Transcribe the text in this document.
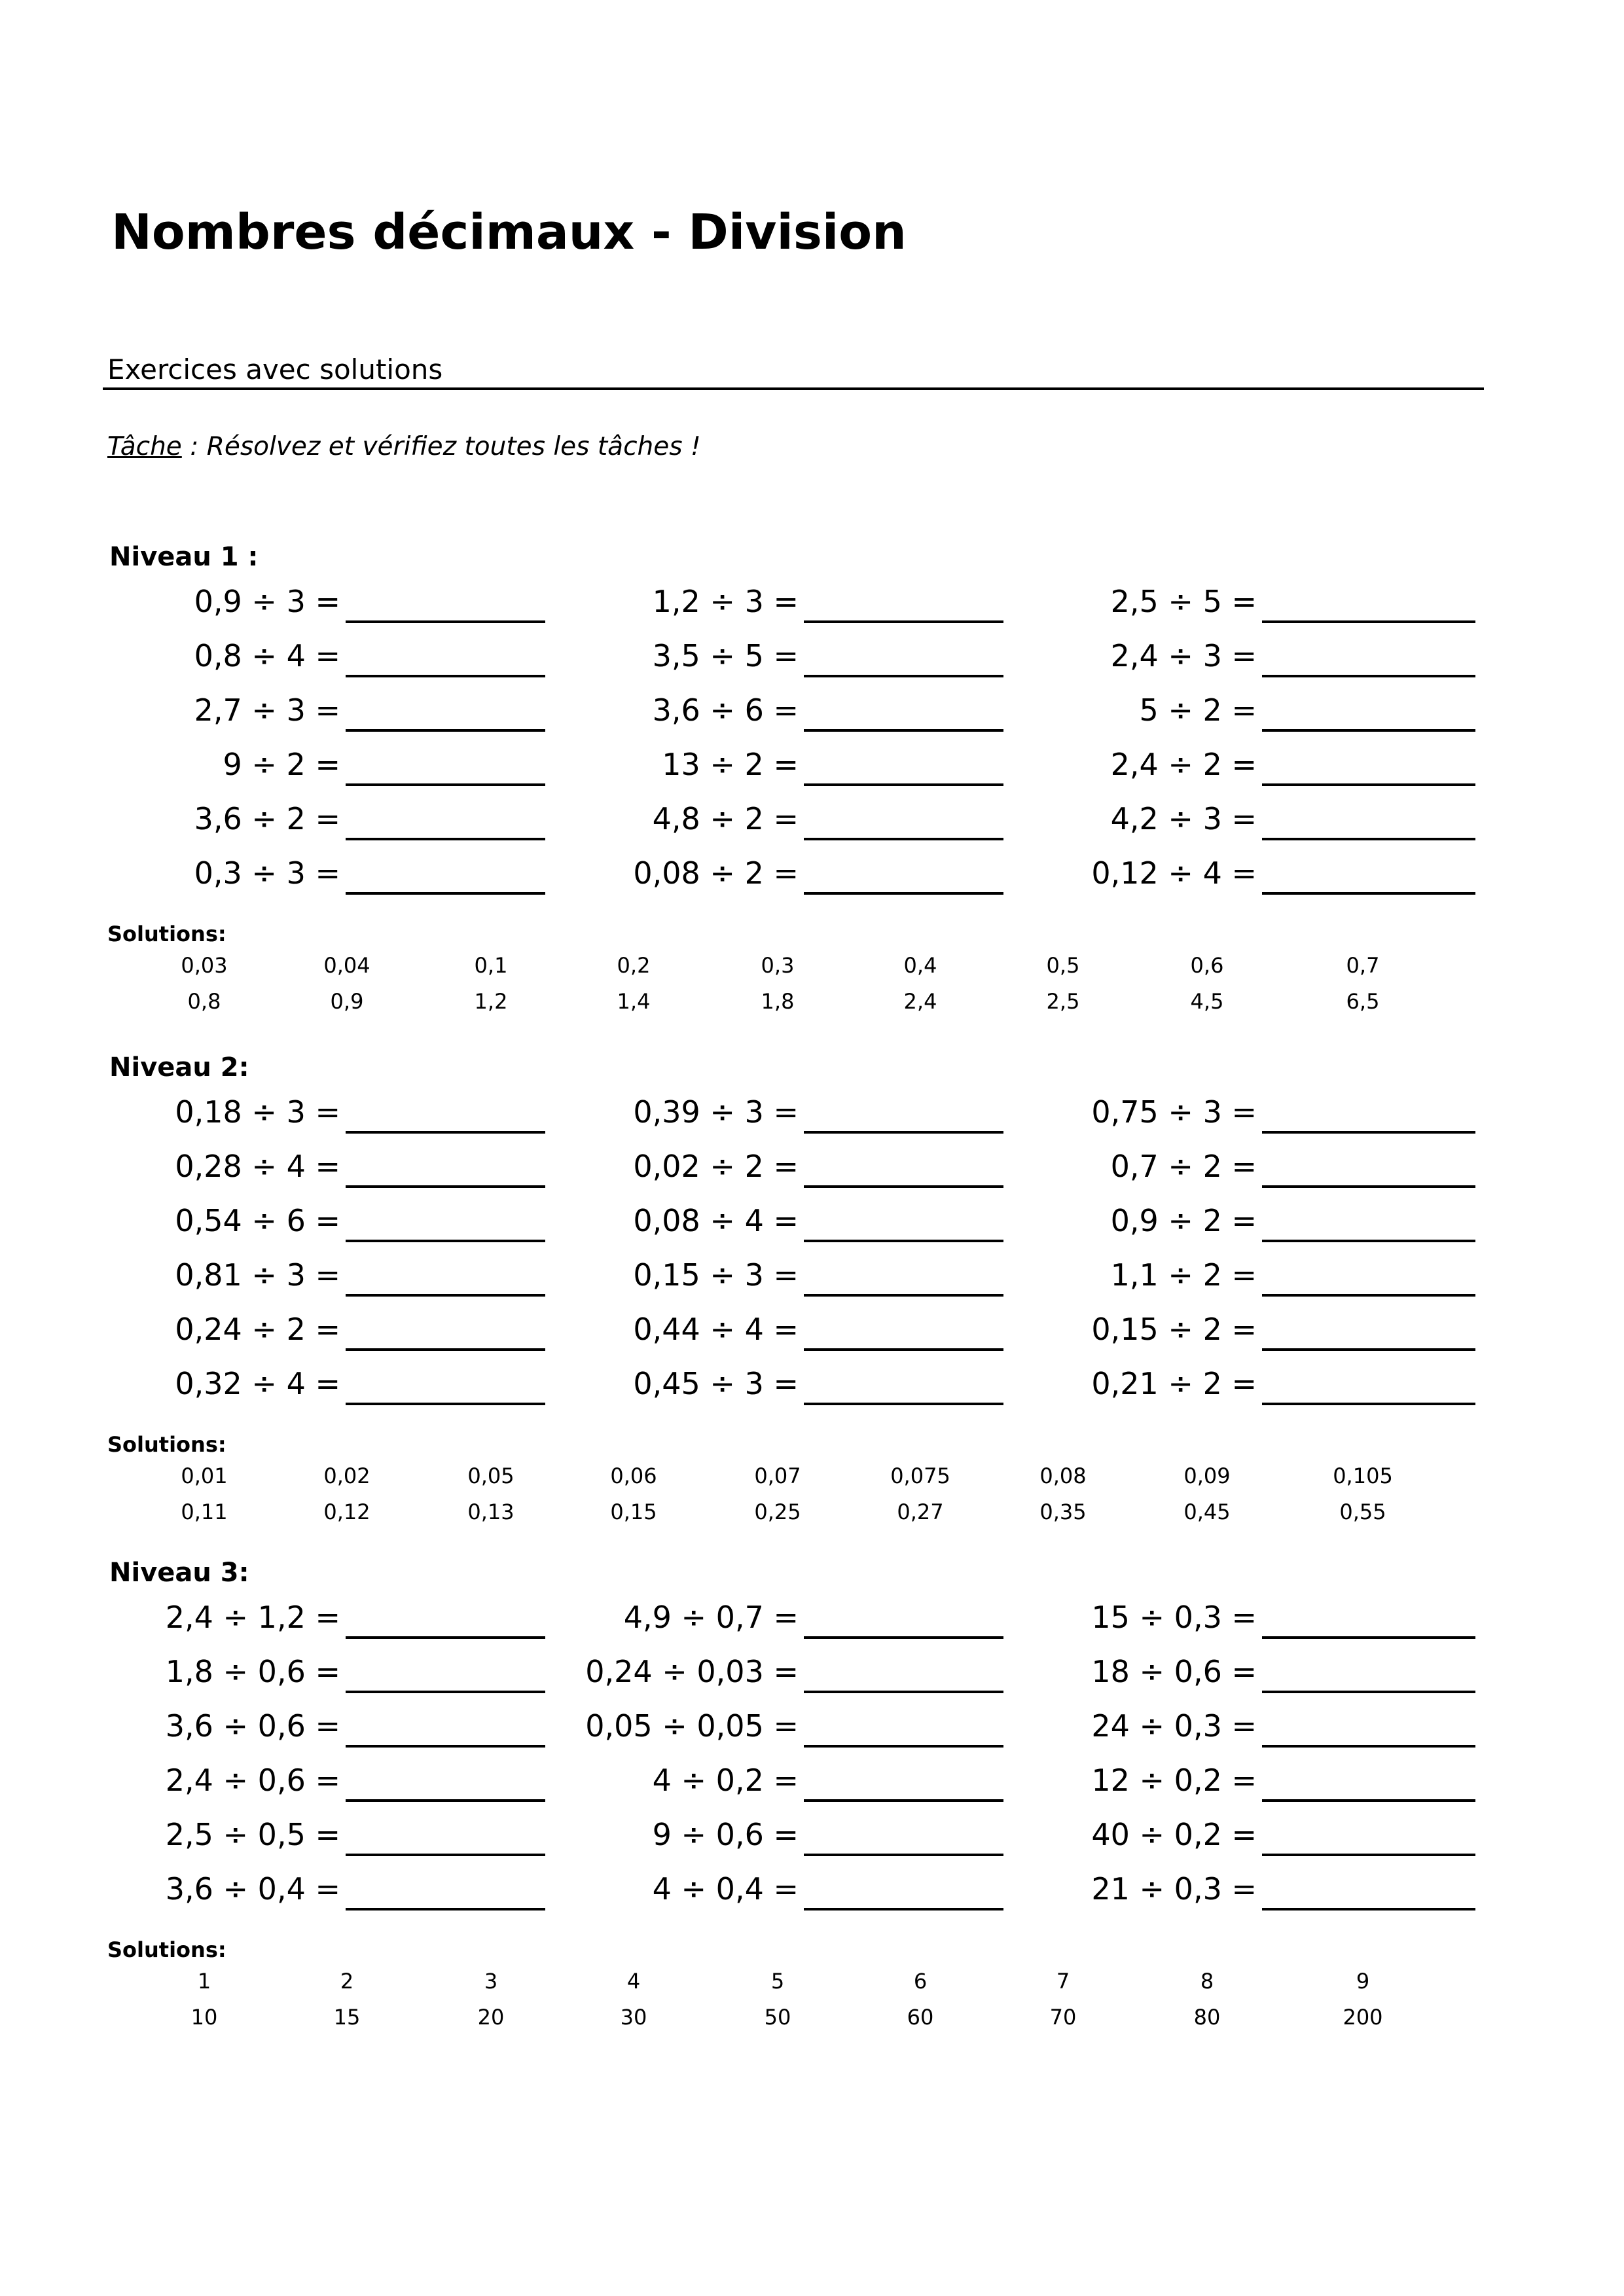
Nombres décimaux - Division
Exercices avec solutions
Tâche : Résolvez et vérifiez toutes les tâches !
Niveau 1 :
0,9 ÷ 3 =	1,2 ÷ 3 =	2,5 ÷ 5 =
0,8 ÷ 4 =	3,5 ÷ 5 =	2,4 ÷ 3 =
2,7 ÷ 3 =	3,6 ÷ 6 =	5 ÷ 2 =
9 ÷ 2 =	13 ÷ 2 =	2,4 ÷ 2 =
3,6 ÷ 2 =	4,8 ÷ 2 =	4,2 ÷ 3 =
0,3 ÷ 3 =	0,08 ÷ 2 =	0,12 ÷ 4 =
Solutions:
0,03	0,04	0,1	0,2	0,3	0,4	0,5	0,6	0,7
0,8	0,9	1,2	1,4	1,8	2,4	2,5	4,5	6,5
Niveau 2:
0,18 ÷ 3 =	0,39 ÷ 3 =	0,75 ÷ 3 =
0,28 ÷ 4 =	0,02 ÷ 2 =	0,7 ÷ 2 =
0,54 ÷ 6 =	0,08 ÷ 4 =	0,9 ÷ 2 =
0,81 ÷ 3 =	0,15 ÷ 3 =	1,1 ÷ 2 =
0,24 ÷ 2 =	0,44 ÷ 4 =	0,15 ÷ 2 =
0,32 ÷ 4 =	0,45 ÷ 3 =	0,21 ÷ 2 =
Solutions:
0,01	0,02	0,05	0,06	0,07	0,075	0,08	0,09	0,105
0,11	0,12	0,13	0,15	0,25	0,27	0,35	0,45	0,55
Niveau 3:
2,4 ÷ 1,2 =	4,9 ÷ 0,7 =	15 ÷ 0,3 =
1,8 ÷ 0,6 =	0,24 ÷ 0,03 =	18 ÷ 0,6 =
3,6 ÷ 0,6 =	0,05 ÷ 0,05 =	24 ÷ 0,3 =
2,4 ÷ 0,6 =	4 ÷ 0,2 =	12 ÷ 0,2 =
2,5 ÷ 0,5 =	9 ÷ 0,6 =	40 ÷ 0,2 =
3,6 ÷ 0,4 =	4 ÷ 0,4 =	21 ÷ 0,3 =
Solutions:
1	2	3	4	5	6	7	8	9
10	15	20	30	50	60	70	80	200
